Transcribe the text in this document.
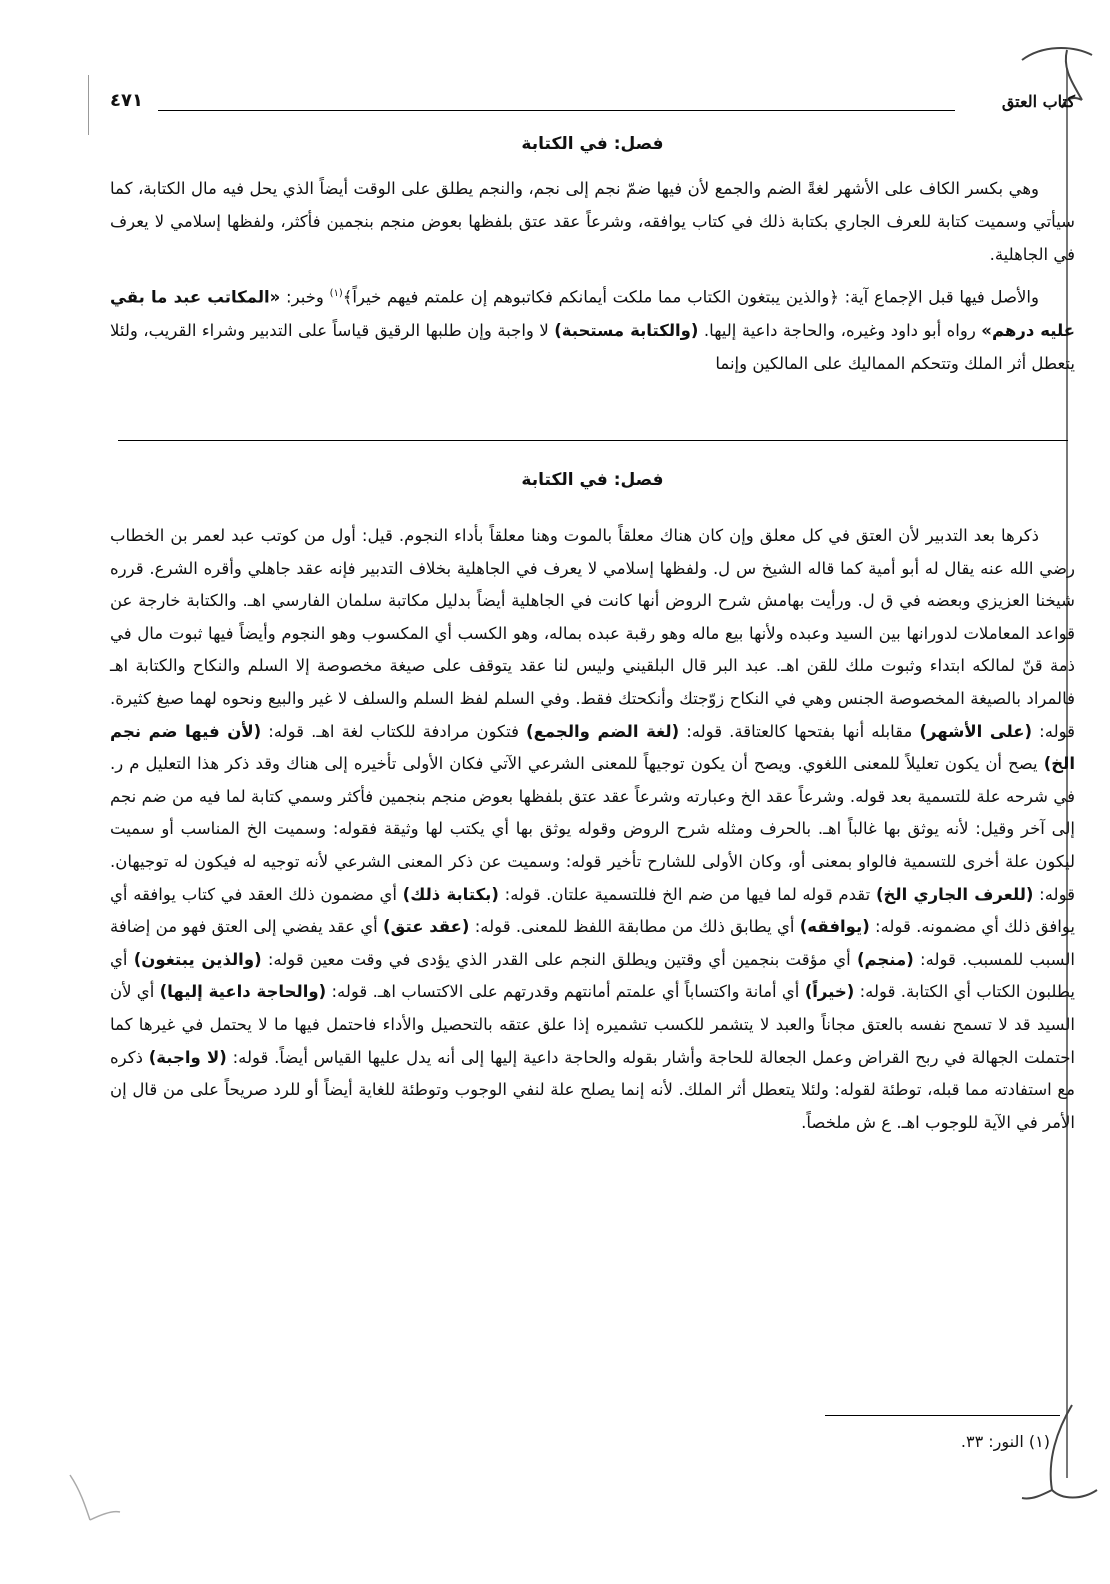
كتاب العتق
٤٧١
فصل: في الكتابة

وهي بكسر الكاف على الأشهر لغةً الضم والجمع لأن فيها ضمّ نجم إلى نجم، والنجم يطلق على الوقت أيضاً الذي يحل فيه مال الكتابة، كما سيأتي وسميت كتابة للعرف الجاري بكتابة ذلك في كتاب يوافقه، وشرعاً عقد عتق بلفظها بعوض منجم بنجمين فأكثر، ولفظها إسلامي لا يعرف في الجاهلية.

والأصل فيها قبل الإجماع آية: ﴿والذين يبتغون الكتاب مما ملكت أيمانكم فكاتبوهم إن علمتم فيهم خيراً﴾$^{(١)}$ وخبر: «المكاتب عبد ما بقي عليه درهم» رواه أبو داود وغيره، والحاجة داعية إليها. (والكتابة مستحبة) لا واجبة وإن طلبها الرقيق قياساً على التدبير وشراء القريب، ولئلا يتعطل أثر الملك وتتحكم المماليك على المالكين وإنما

فصل: في الكتابة

ذكرها بعد التدبير لأن العتق في كل معلق وإن كان هناك معلقاً بالموت وهنا معلقاً بأداء النجوم. قيل: أول من كوتب عبد لعمر بن الخطاب رضي الله عنه يقال له أبو أمية كما قاله الشيخ س ل. ولفظها إسلامي لا يعرف في الجاهلية بخلاف التدبير فإنه عقد جاهلي وأقره الشرع. قرره شيخنا العزيزي وبعضه في ق ل. ورأيت بهامش شرح الروض أنها كانت في الجاهلية أيضاً بدليل مكاتبة سلمان الفارسي اهـ. والكتابة خارجة عن قواعد المعاملات لدورانها بين السيد وعبده ولأنها بيع ماله وهو رقبة عبده بماله، وهو الكسب أي المكسوب وهو النجوم وأيضاً فيها ثبوت مال في ذمة قنّ لمالكه ابتداء وثبوت ملك للقن اهـ. عبد البر قال البلقيني وليس لنا عقد يتوقف على صيغة مخصوصة إلا السلم والنكاح والكتابة اهـ فالمراد بالصيغة المخصوصة الجنس وهي في النكاح زوّجتك وأنكحتك فقط. وفي السلم لفظ السلم والسلف لا غير والبيع ونحوه لهما صيغ كثيرة. قوله: (على الأشهر) مقابله أنها بفتحها كالعتاقة. قوله: (لغة الضم والجمع) فتكون مرادفة للكتاب لغة اهـ. قوله: (لأن فيها ضم نجم الخ) يصح أن يكون تعليلاً للمعنى اللغوي. ويصح أن يكون توجيهاً للمعنى الشرعي الآتي فكان الأولى تأخيره إلى هناك وقد ذكر هذا التعليل م ر. في شرحه علة للتسمية بعد قوله. وشرعاً عقد الخ وعبارته وشرعاً عقد عتق بلفظها بعوض منجم بنجمين فأكثر وسمي كتابة لما فيه من ضم نجم إلى آخر وقيل: لأنه يوثق بها غالباً اهـ. بالحرف ومثله شرح الروض وقوله يوثق بها أي يكتب لها وثيقة فقوله: وسميت الخ المناسب أو سميت ليكون علة أخرى للتسمية فالواو بمعنى أو، وكان الأولى للشارح تأخير قوله: وسميت عن ذكر المعنى الشرعي لأنه توجيه له فيكون له توجيهان. قوله: (للعرف الجاري الخ) تقدم قوله لما فيها من ضم الخ فللتسمية علتان. قوله: (بكتابة ذلك) أي مضمون ذلك العقد في كتاب يوافقه أي يوافق ذلك أي مضمونه. قوله: (يوافقه) أي يطابق ذلك من مطابقة اللفظ للمعنى. قوله: (عقد عتق) أي عقد يفضي إلى العتق فهو من إضافة السبب للمسبب. قوله: (منجم) أي مؤقت بنجمين أي وقتين ويطلق النجم على القدر الذي يؤدى في وقت معين قوله: (والذين يبتغون) أي يطلبون الكتاب أي الكتابة. قوله: (خيراً) أي أمانة واكتساباً أي علمتم أمانتهم وقدرتهم على الاكتساب اهـ. قوله: (والحاجة داعية إليها) أي لأن السيد قد لا تسمح نفسه بالعتق مجاناً والعبد لا يتشمر للكسب تشميره إذا علق عتقه بالتحصيل والأداء فاحتمل فيها ما لا يحتمل في غيرها كما احتملت الجهالة في ربح القراض وعمل الجعالة للحاجة وأشار بقوله والحاجة داعية إليها إلى أنه يدل عليها القياس أيضاً. قوله: (لا واجبة) ذكره مع استفادته مما قبله، توطئة لقوله: ولئلا يتعطل أثر الملك. لأنه إنما يصلح علة لنفي الوجوب وتوطئة للغاية أيضاً أو للرد صريحاً على من قال إن الأمر في الآية للوجوب اهـ. ع ش ملخصاً.

(١) النور: ٣٣.
